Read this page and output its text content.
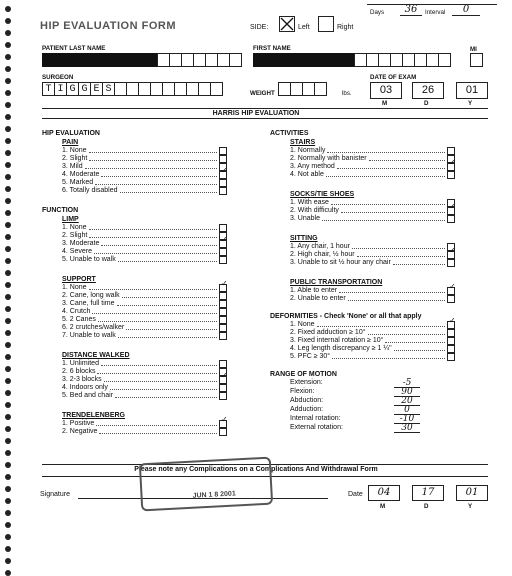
HIP EVALUATION FORM	SIDE:	Left	Right
Days	36	Interval	0
PATIENT LAST NAME	FIRST NAME	MI
SURGEON
T I G G E S	WEIGHT	lbs.
DATE OF EXAM
03	26	01
M	D	Y
HARRIS HIP EVALUATION
HIP EVALUATION
PAIN
1. None
2. Slight
3. Mild
4. Moderate	✓
5. Marked
6. Totally disabled
FUNCTION
LIMP
1. None
2. Slight
3. Moderate	✓
4. Severe
5. Unable to walk
SUPPORT
1. None	✓
2. Cane, long walk
3. Cane, full time
4. Crutch
5. 2 Canes
6. 2 crutches/walker
7. Unable to walk
DISTANCE WALKED
1. Unlimited
2. 6 blocks
3. 2-3 blocks	✓
4. Indoors only
5. Bed and chair
TRENDELENBERG
1. Positive	✓
2. Negative
ACTIVITIES
STAIRS
1. Normally
2. Normally with banister
3. Any method	✓
4. Not able
SOCKS/TIE SHOES
1. With ease
2. With difficulty	✓
3. Unable
SITTING
1. Any chair, 1 hour
2. High chair, ½ hour	✓
3. Unable to sit ½ hour any chair
PUBLIC TRANSPORTATION
1. Able to enter	✓
2. Unable to enter
DEFORMITIES - Check 'None' or all that apply
1. None	✓
2. Fixed adduction ≥ 10°
3. Fixed internal rotation ≥ 10°
4. Leg length discrepancy ≥ 1 ¼"
5. PFC ≥ 30°
RANGE OF MOTION
Extension:	-5
Flexion:	90
Abduction:	20
Adduction:	0
Internal rotation:	-10
External rotation:	30
Please note any Complications on a Complications And Withdrawal Form
Signature	JUN 1 8 2001	Date	04	17	01
M	D	Y
